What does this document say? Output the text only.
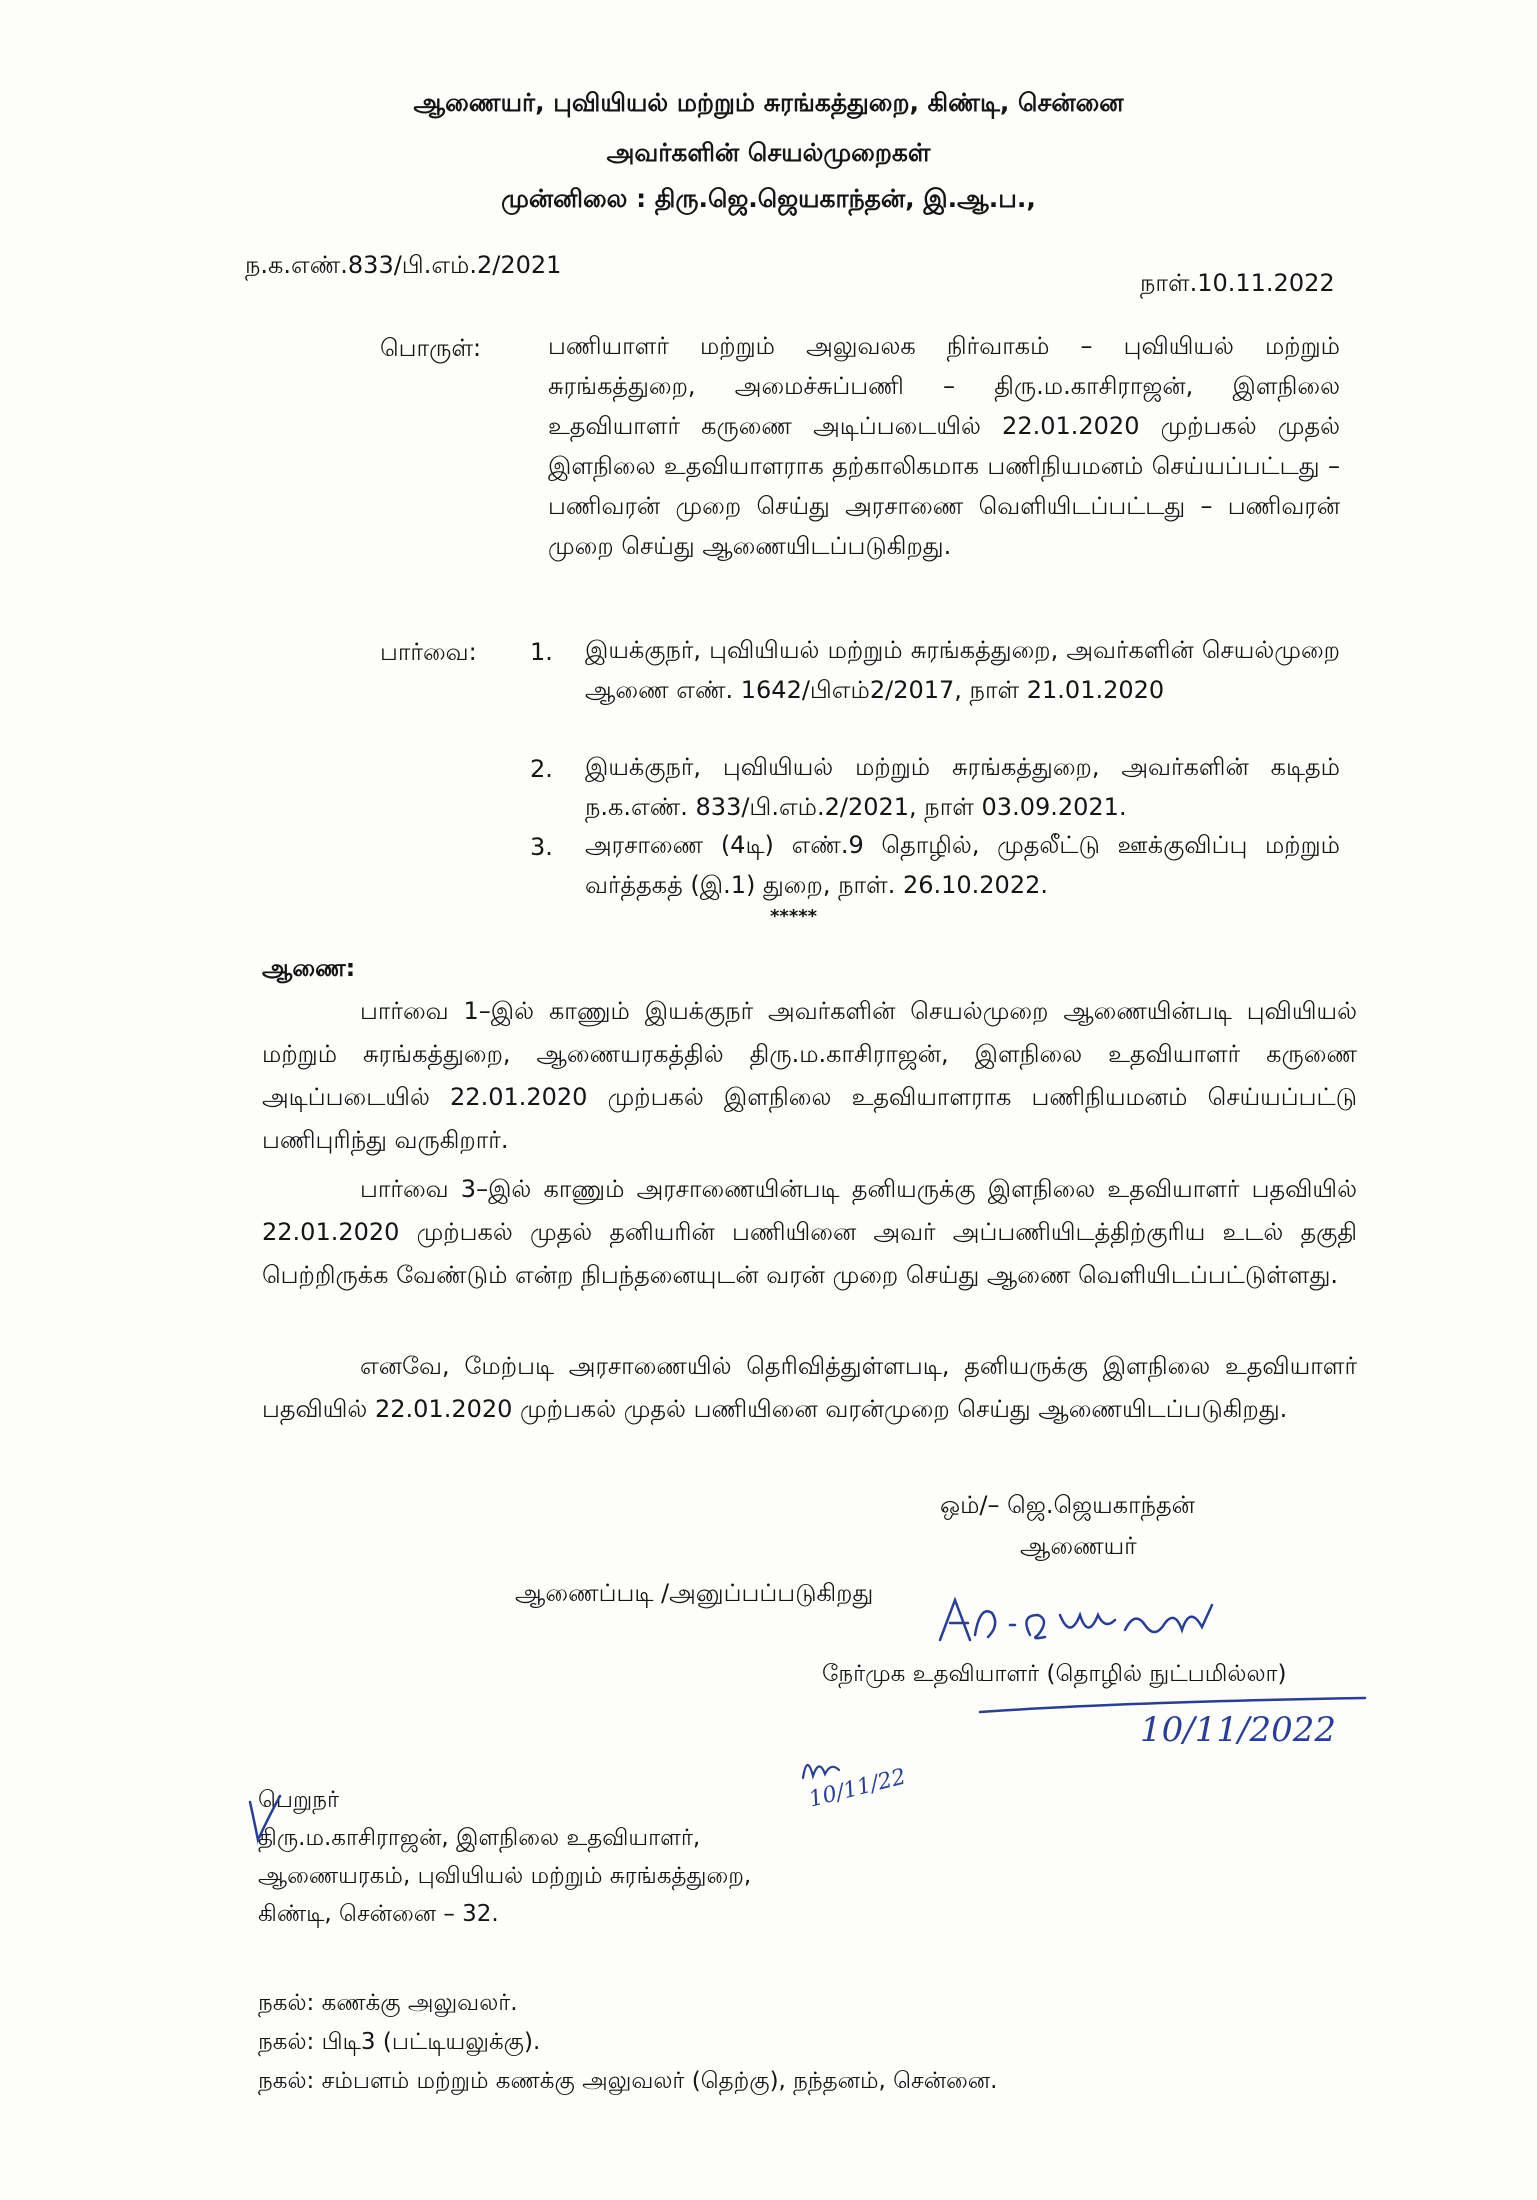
ஆணையர், புவியியல் மற்றும் சுரங்கத்துறை, கிண்டி, சென்னை
அவர்களின் செயல்முறைகள்
முன்னிலை : திரு.ஜெ.ஜெயகாந்தன், இ.ஆ.ப.,
ந.க.எண்.833/பி.எம்.2/2021
நாள்.10.11.2022
பொருள்:	பணியாளர் மற்றும் அலுவலக நிர்வாகம் – புவியியல் மற்றும் சுரங்கத்துறை, அமைச்சுப்பணி – திரு.ம.காசிராஜன், இளநிலை உதவியாளர் கருணை அடிப்படையில் 22.01.2020 முற்பகல் முதல் இளநிலை உதவியாளராக தற்காலிகமாக பணிநியமனம் செய்யப்பட்டது – பணிவரன் முறை செய்து அரசாணை வெளியிடப்பட்டது – பணிவரன் முறை செய்து ஆணையிடப்படுகிறது.
பார்வை: 1.	இயக்குநர், புவியியல் மற்றும் சுரங்கத்துறை, அவர்களின் செயல்முறை ஆணை எண். 1642/பிஎம்2/2017, நாள் 21.01.2020
2.	இயக்குநர், புவியியல் மற்றும் சுரங்கத்துறை, அவர்களின் கடிதம் ந.க.எண். 833/பி.எம்.2/2021, நாள் 03.09.2021.
3.	அரசாணை (4டி) எண்.9 தொழில், முதலீட்டு ஊக்குவிப்பு மற்றும் வர்த்தகத் (இ.1) துறை, நாள். 26.10.2022.
*****
ஆணை:
பார்வை 1–இல் காணும் இயக்குநர் அவர்களின் செயல்முறை ஆணையின்படி புவியியல் மற்றும் சுரங்கத்துறை, ஆணையரகத்தில் திரு.ம.காசிராஜன், இளநிலை உதவியாளர் கருணை அடிப்படையில் 22.01.2020 முற்பகல் இளநிலை உதவியாளராக பணிநியமனம் செய்யப்பட்டு பணிபுரிந்து வருகிறார்.
பார்வை 3–இல் காணும் அரசாணையின்படி தனியருக்கு இளநிலை உதவியாளர் பதவியில் 22.01.2020 முற்பகல் முதல் தனியரின் பணியினை அவர் அப்பணியிடத்திற்குரிய உடல் தகுதி பெற்றிருக்க வேண்டும் என்ற நிபந்தனையுடன் வரன் முறை செய்து ஆணை வெளியிடப்பட்டுள்ளது.
எனவே, மேற்படி அரசாணையில் தெரிவித்துள்ளபடி, தனியருக்கு இளநிலை உதவியாளர் பதவியில் 22.01.2020 முற்பகல் முதல் பணியினை வரன்முறை செய்து ஆணையிடப்படுகிறது.
ஒம்/– ஜெ.ஜெயகாந்தன்
ஆணையர்
ஆணைப்படி /அனுப்பப்படுகிறது
நேர்முக உதவியாளர் (தொழில் நுட்பமில்லா)
10/11/2022
பெறுநர்
திரு.ம.காசிராஜன், இளநிலை உதவியாளர்,
ஆணையரகம், புவியியல் மற்றும் சுரங்கத்துறை,
கிண்டி, சென்னை – 32.
10/11/22
நகல்: கணக்கு அலுவலர்.
நகல்: பிடி3 (பட்டியலுக்கு).
நகல்: சம்பளம் மற்றும் கணக்கு அலுவலர் (தெற்கு), நந்தனம், சென்னை.
